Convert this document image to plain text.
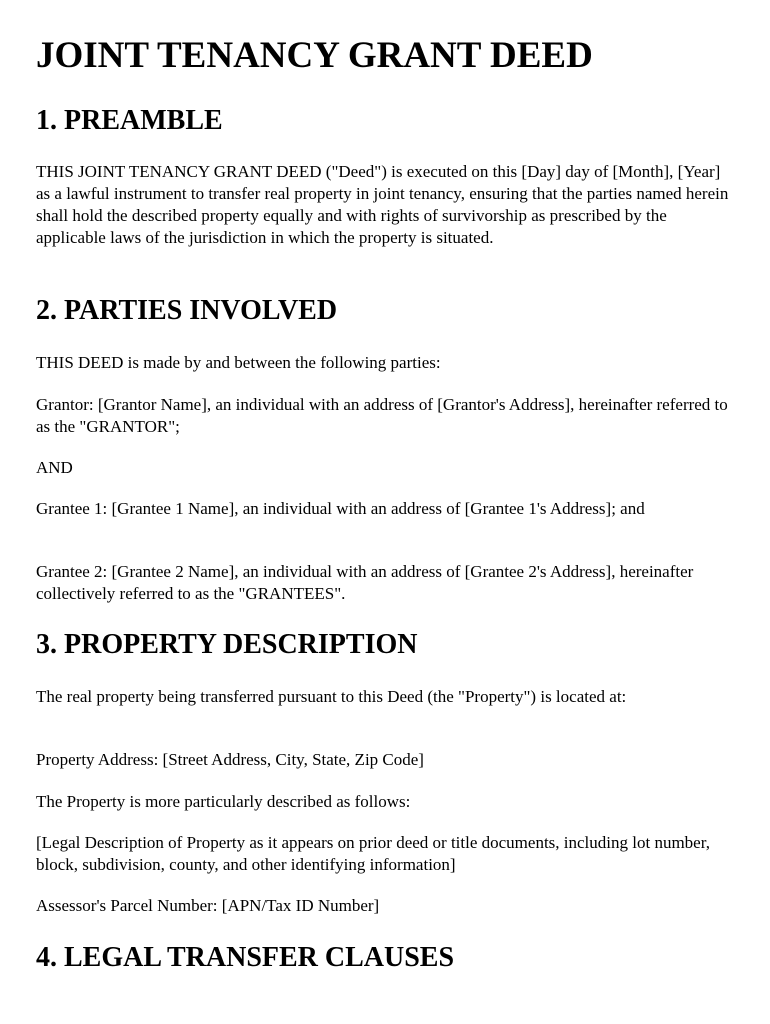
JOINT TENANCY GRANT DEED
1. PREAMBLE

THIS JOINT TENANCY GRANT DEED ("Deed") is executed on this [Day] day of [Month], [Year] as a lawful instrument to transfer real property in joint tenancy, ensuring that the parties named herein shall hold the described property equally and with rights of survivorship as prescribed by the applicable laws of the jurisdiction in which the property is situated.

2. PARTIES INVOLVED

THIS DEED is made by and between the following parties:

Grantor: [Grantor Name], an individual with an address of [Grantor's Address], hereinafter referred to as the "GRANTOR";

AND

Grantee 1: [Grantee 1 Name], an individual with an address of [Grantee 1's Address]; and

Grantee 2: [Grantee 2 Name], an individual with an address of [Grantee 2's Address], hereinafter collectively referred to as the "GRANTEES".

3. PROPERTY DESCRIPTION

The real property being transferred pursuant to this Deed (the "Property") is located at:

Property Address: [Street Address, City, State, Zip Code]

The Property is more particularly described as follows:

[Legal Description of Property as it appears on prior deed or title documents, including lot number, block, subdivision, county, and other identifying information]

Assessor's Parcel Number: [APN/Tax ID Number]

4. LEGAL TRANSFER CLAUSES
